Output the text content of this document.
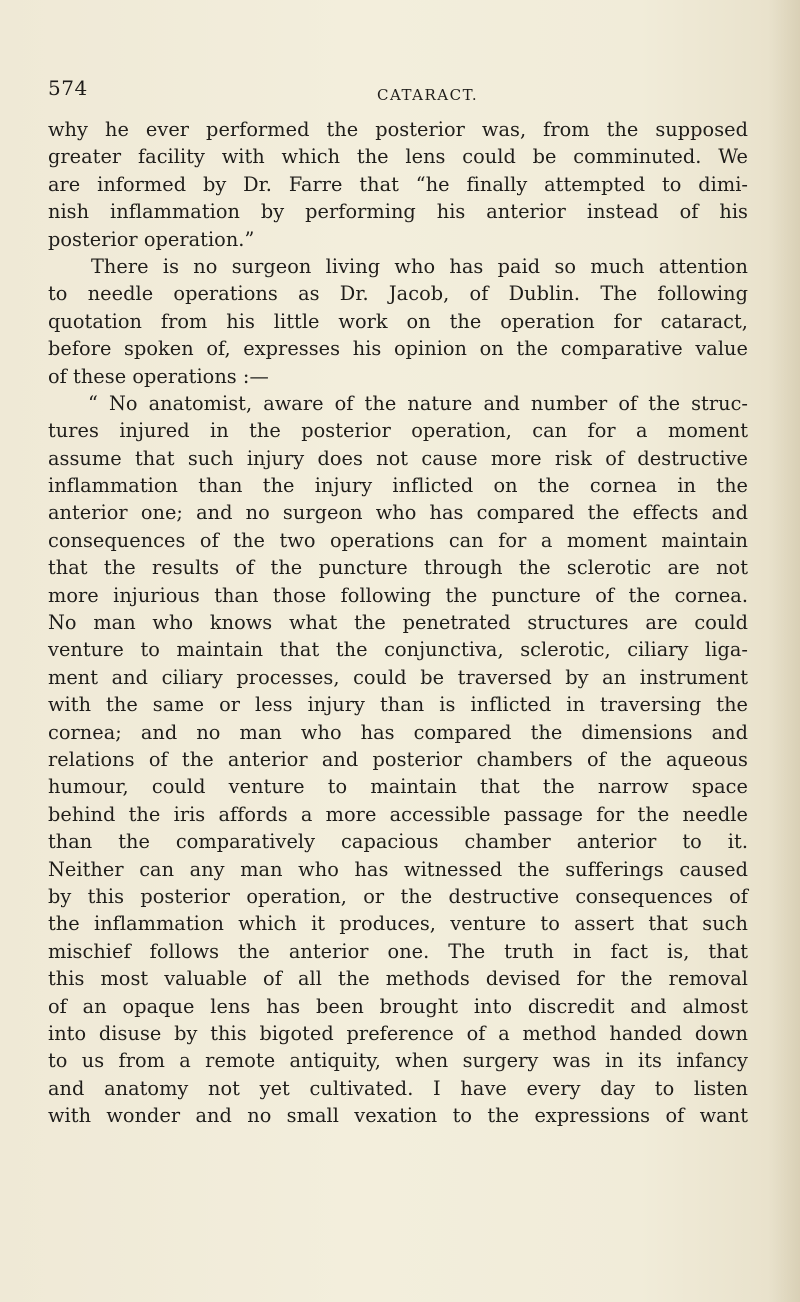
574	CATARACT.
why he ever performed the posterior was, from the supposed
greater facility with which the lens could be comminuted. We
are informed by Dr. Farre that “he finally attempted to dimi-
nish inflammation by performing his anterior instead of his
posterior operation.”
There is no surgeon living who has paid so much attention
to needle operations as Dr. Jacob, of Dublin. The following
quotation from his little work on the operation for cataract,
before spoken of, expresses his opinion on the comparative value
of these operations :—
“ No anatomist, aware of the nature and number of the struc-
tures injured in the posterior operation, can for a moment
assume that such injury does not cause more risk of destructive
inflammation than the injury inflicted on the cornea in the
anterior one; and no surgeon who has compared the effects and
consequences of the two operations can for a moment maintain
that the results of the puncture through the sclerotic are not
more injurious than those following the puncture of the cornea.
No man who knows what the penetrated structures are could
venture to maintain that the conjunctiva, sclerotic, ciliary liga-
ment and ciliary processes, could be traversed by an instrument
with the same or less injury than is inflicted in traversing the
cornea; and no man who has compared the dimensions and
relations of the anterior and posterior chambers of the aqueous
humour, could venture to maintain that the narrow space
behind the iris affords a more accessible passage for the needle
than the comparatively capacious chamber anterior to it.
Neither can any man who has witnessed the sufferings caused
by this posterior operation, or the destructive consequences of
the inflammation which it produces, venture to assert that such
mischief follows the anterior one. The truth in fact is, that
this most valuable of all the methods devised for the removal
of an opaque lens has been brought into discredit and almost
into disuse by this bigoted preference of a method handed down
to us from a remote antiquity, when surgery was in its infancy
and anatomy not yet cultivated. I have every day to listen
with wonder and no small vexation to the expressions of want
